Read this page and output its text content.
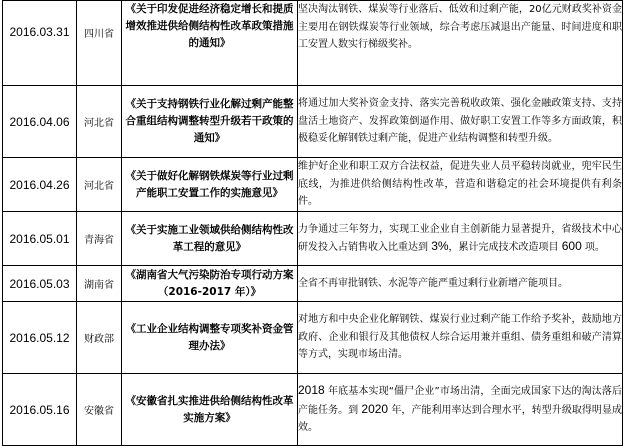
2016.03.31	四川省	《关于印发促进经济稳定增长和提质增效推进供给侧结构性改革政策措施的通知》	坚决淘汰钢铁、煤炭等行业落后、低效和过剩产能，20亿元财政奖补资金主要用在钢铁煤炭等行业领域，综合考虑压减退出产能量、时间进度和职工安置人数实行梯级奖补。
2016.04.06	河北省	《关于支持钢铁行业化解过剩产能整合重组结构调整转型升级若干政策的通知》	将通过加大奖补资金支持、落实完善税收政策、强化金融政策支持、支持盘活土地资产、发挥政策倒逼作用、做好职工安置工作等多方面政策，积极稳妥化解钢铁过剩产能，促进产业结构调整和转型升级。
2016.04.26	河北省	《关于做好化解钢铁煤炭等行业过剩产能职工安置工作的实施意见》	维护好企业和职工双方合法权益，促进失业人员平稳转岗就业，兜牢民生底线，为推进供给侧结构性改革，营造和谐稳定的社会环境提供有利条件。
2016.05.01	青海省	《关于实施工业领域供给侧结构性改革工程的意见》	力争通过三年努力，实现工业企业自主创新能力显著提升，省级技术中心研发投入占销售收入比重达到 3%，累计完成技术改造项目 600 项。
2016.05.03	湖南省	《湖南省大气污染防治专项行动方案（2016-2017 年）》	全省不再审批钢铁、水泥等产能严重过剩行业新增产能项目。
2016.05.12	财政部	《工业企业结构调整专项奖补资金管理办法》	对地方和中央企业化解钢铁、煤炭行业过剩产能工作给予奖补，鼓励地方政府、企业和银行及其他债权人综合运用兼并重组、债务重组和破产清算等方式，实现市场出清。
2016.05.16	安徽省	《安徽省扎实推进供给侧结构性改革实施方案》	2018 年底基本实现“僵尸企业”市场出清，全面完成国家下达的淘汰落后产能任务。到 2020 年，产能利用率达到合理水平，转型升级取得明显成效。
